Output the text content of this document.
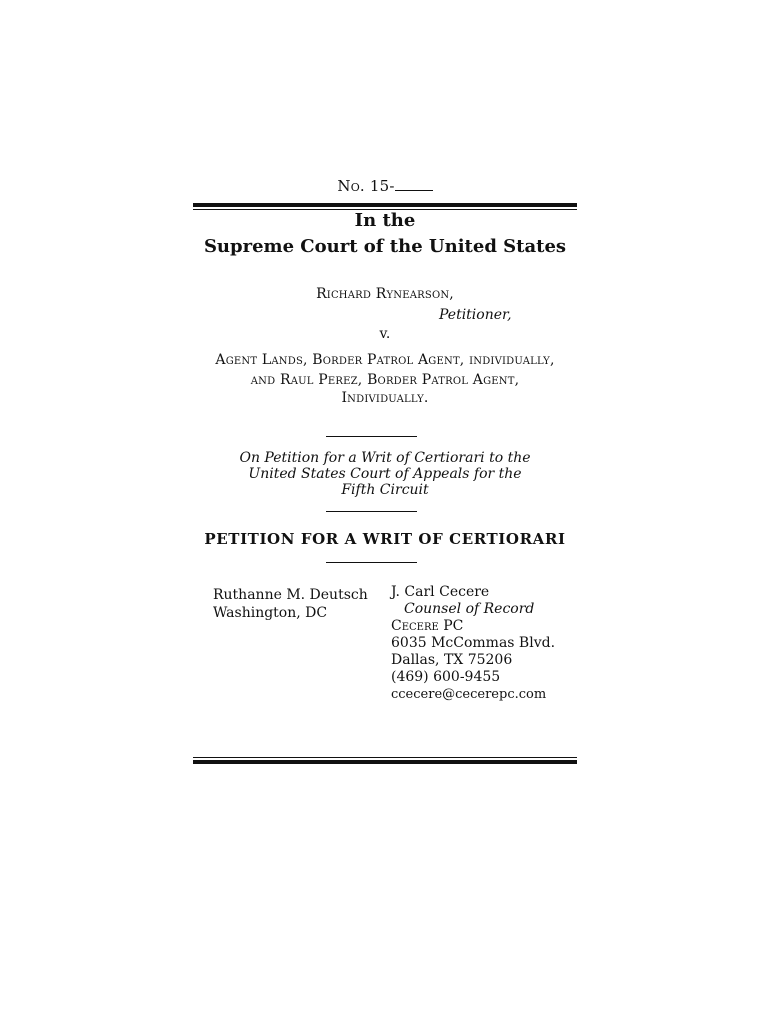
No. 15-
In the
Supreme Court of the United States
Richard Rynearson,
Petitioner,
v.
Agent Lands, Border Patrol Agent, individually,
and Raul Perez, Border Patrol Agent,
Individually.
On Petition for a Writ of Certiorari to the
United States Court of Appeals for the
Fifth Circuit
PETITION FOR A WRIT OF CERTIORARI
Ruthanne M. Deutsch
Washington, DC
J. Carl Cecere
Counsel of Record
Cecere PC
6035 McCommas Blvd.
Dallas, TX 75206
(469) 600-9455
ccecere@cecerepc.com
